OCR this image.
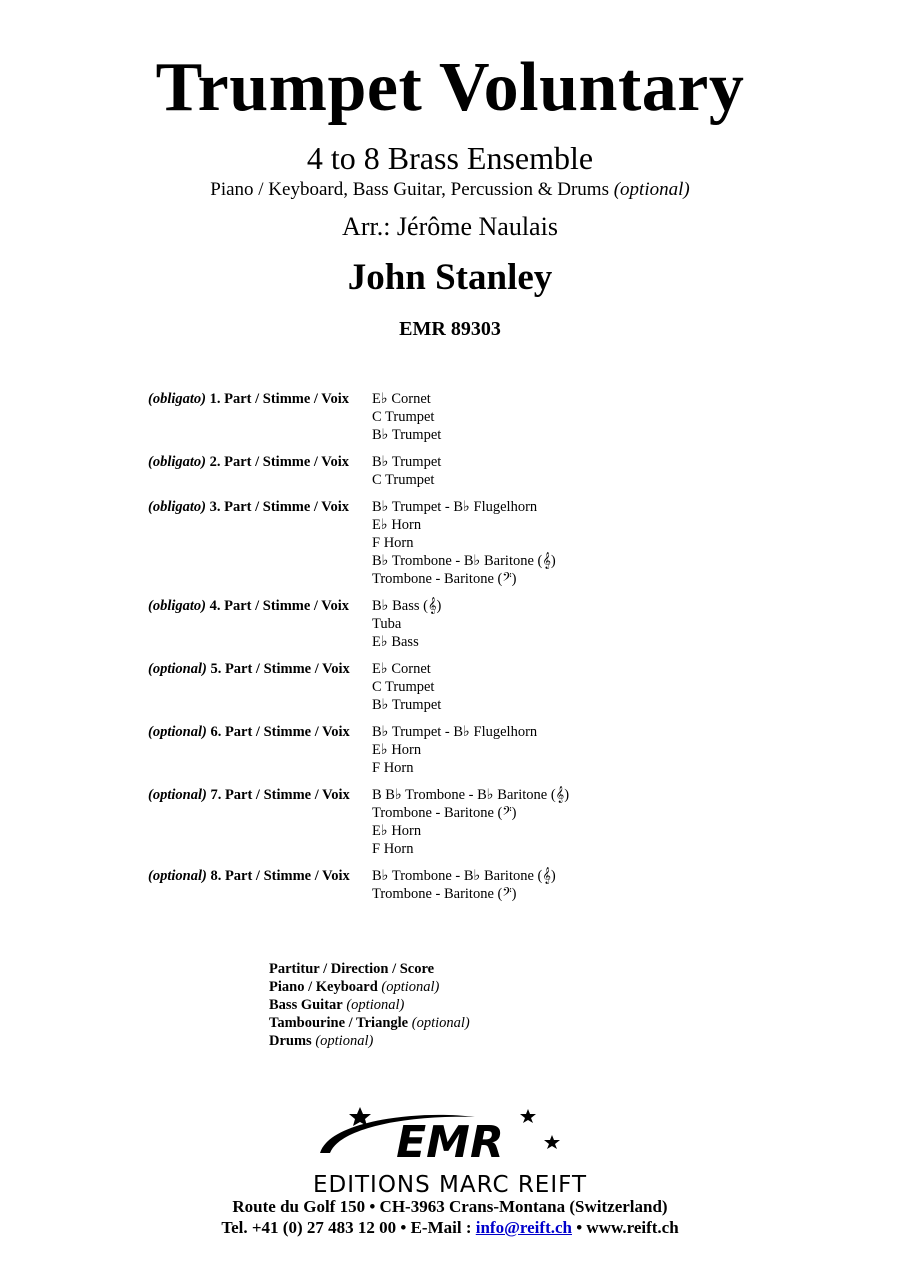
Trumpet Voluntary
4 to 8 Brass Ensemble
Piano / Keyboard, Bass Guitar, Percussion & Drums (optional)
Arr.: Jérôme Naulais
John Stanley
EMR 89303
(obligato) 1. Part / Stimme / Voix	E♭ Cornet
C Trumpet
B♭ Trumpet
(obligato) 2. Part / Stimme / Voix	B♭ Trumpet
C Trumpet
(obligato) 3. Part / Stimme / Voix	B♭ Trumpet - B♭ Flugelhorn
E♭ Horn
F Horn
B♭ Trombone - B♭ Baritone (𝄞)
Trombone - Baritone (𝄢)
(obligato) 4. Part / Stimme / Voix	B♭ Bass (𝄞)
Tuba
E♭ Bass
(optional) 5. Part / Stimme / Voix	E♭ Cornet
C Trumpet
B♭ Trumpet
(optional) 6. Part / Stimme / Voix	B♭ Trumpet - B♭ Flugelhorn
E♭ Horn
F Horn
(optional) 7. Part / Stimme / Voix	B B♭ Trombone - B♭ Baritone (𝄞)
Trombone - Baritone (𝄢)
E♭ Horn
F Horn
(optional) 8. Part / Stimme / Voix	B♭ Trombone - B♭ Baritone (𝄞)
Trombone - Baritone (𝄢)
Partitur / Direction / Score
Piano / Keyboard (optional)
Bass Guitar (optional)
Tambourine / Triangle (optional)
Drums (optional)
EMR
EDITIONS MARC REIFT
Route du Golf 150 • CH-3963 Crans-Montana (Switzerland)
Tel. +41 (0) 27 483 12 00 • E-Mail : info@reift.ch • www.reift.ch
